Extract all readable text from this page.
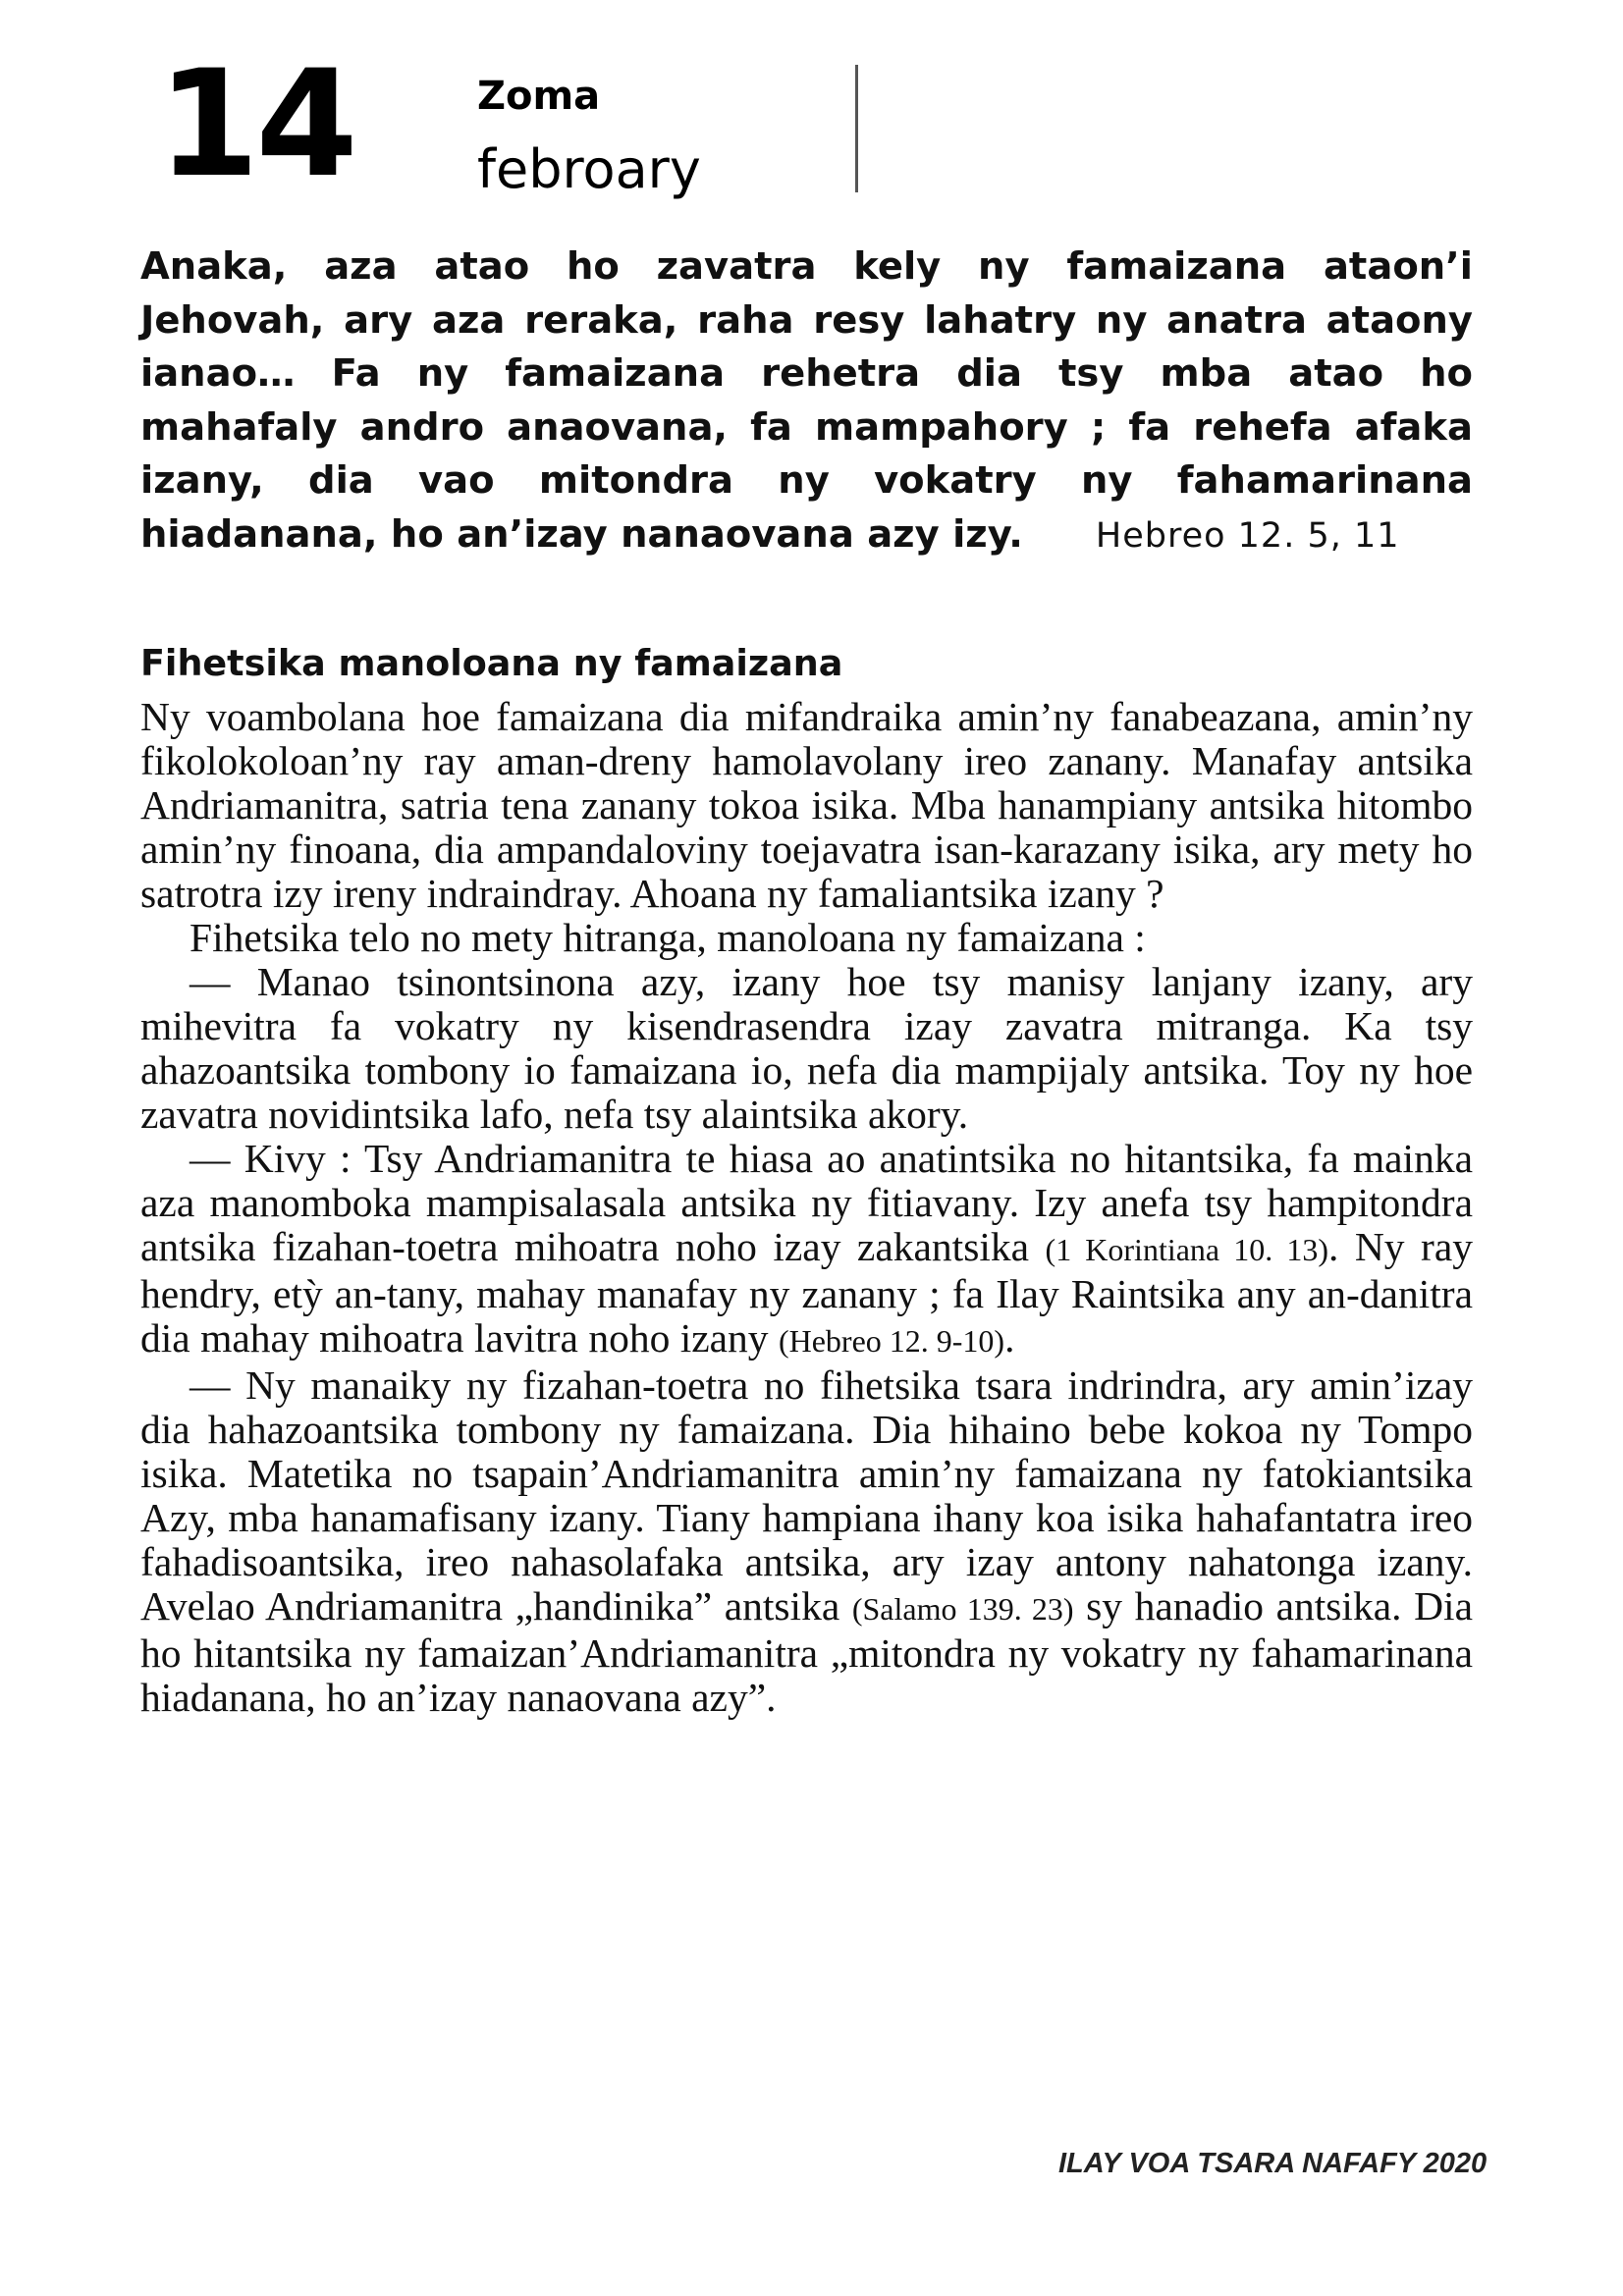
14	Zoma
febroary

Anaka, aza atao ho zavatra kely ny famaizana ataon’i Jehovah, ary aza reraka, raha resy lahatry ny anatra ataony ianao… Fa ny famaizana rehetra dia tsy mba atao ho mahafaly andro anaovana, fa mampahory ; fa rehefa afaka izany, dia vao mitondra ny vokatry ny fahamarinana hiadanana, ho an’izay nanaovana azy izy. Hebreo 12. 5, 11

Fihetsika manoloana ny famaizana

Ny voambolana hoe famaizana dia mifandraika amin’ny fanabeazana, amin’ny fikolokoloan’ny ray aman-dreny hamolavolany ireo zanany. Manafay antsika Andriamanitra, satria tena zanany tokoa isika. Mba hanampiany antsika hitombo amin’ny finoana, dia ampandaloviny toejavatra isan-karazany isika, ary mety ho satrotra izy ireny indraindray. Ahoana ny famaliantsika izany ?

Fihetsika telo no mety hitranga, manoloana ny famaizana :

— Manao tsinontsinona azy, izany hoe tsy manisy lanjany izany, ary mihevitra fa vokatry ny kisendrasendra izay zavatra mitranga. Ka tsy ahazoantsika tombony io famaizana io, nefa dia mampijaly antsika. Toy ny hoe zavatra novidintsika lafo, nefa tsy alaintsika akory.

— Kivy : Tsy Andriamanitra te hiasa ao anatintsika no hitantsika, fa mainka aza manomboka mampisalasala antsika ny fitiavany. Izy anefa tsy hampitondra antsika fizahan-toetra mihoatra noho izay zakantsika (1 Korintiana 10. 13). Ny ray hendry, etỳ an-tany, mahay manafay ny zanany ; fa Ilay Raintsika any an-danitra dia mahay mihoatra lavitra noho izany (Hebreo 12. 9-10).

— Ny manaiky ny fizahan-toetra no fihetsika tsara indrindra, ary amin’izay dia hahazoantsika tombony ny famaizana. Dia hihaino bebe kokoa ny Tompo isika. Matetika no tsapain’Andriamanitra amin’ny famaizana ny fatokiantsika Azy, mba hanamafisany izany. Tiany hampiana ihany koa isika hahafantatra ireo fahadisoantsika, ireo nahasolafaka antsika, ary izay antony nahatonga izany. Avelao Andriamanitra „handinika” antsika (Salamo 139. 23) sy hanadio antsika. Dia ho hitantsika ny famaizan’Andriamanitra „mitondra ny vokatry ny fahamarinana hiadanana, ho an’izay nanaovana azy”.

ILAY VOA TSARA NAFAFY 2020
